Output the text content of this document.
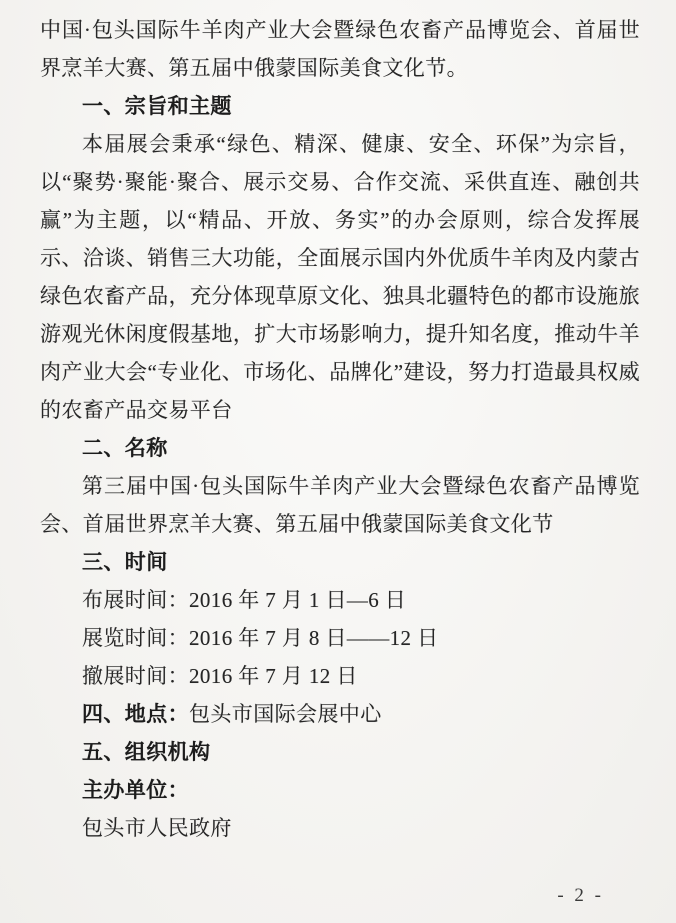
中国·包头国际牛羊肉产业大会暨绿色农畜产品博览会、首届世界烹羊大赛、第五届中俄蒙国际美食文化节。

一、宗旨和主题

本届展会秉承“绿色、精深、健康、安全、环保”为宗旨，以“聚势·聚能·聚合、展示交易、合作交流、采供直连、融创共赢”为主题，以“精品、开放、务实”的办会原则，综合发挥展示、洽谈、销售三大功能，全面展示国内外优质牛羊肉及内蒙古绿色农畜产品，充分体现草原文化、独具北疆特色的都市设施旅游观光休闲度假基地，扩大市场影响力，提升知名度，推动牛羊肉产业大会“专业化、市场化、品牌化”建设，努力打造最具权威的农畜产品交易平台

二、名称

第三届中国·包头国际牛羊肉产业大会暨绿色农畜产品博览会、首届世界烹羊大赛、第五届中俄蒙国际美食文化节

三、时间

布展时间：2016 年 7 月 1 日—6 日

展览时间：2016 年 7 月 8 日——12 日

撤展时间：2016 年 7 月 12 日

四、地点：包头市国际会展中心

五、组织机构

主办单位：

包头市人民政府

- 2 -
